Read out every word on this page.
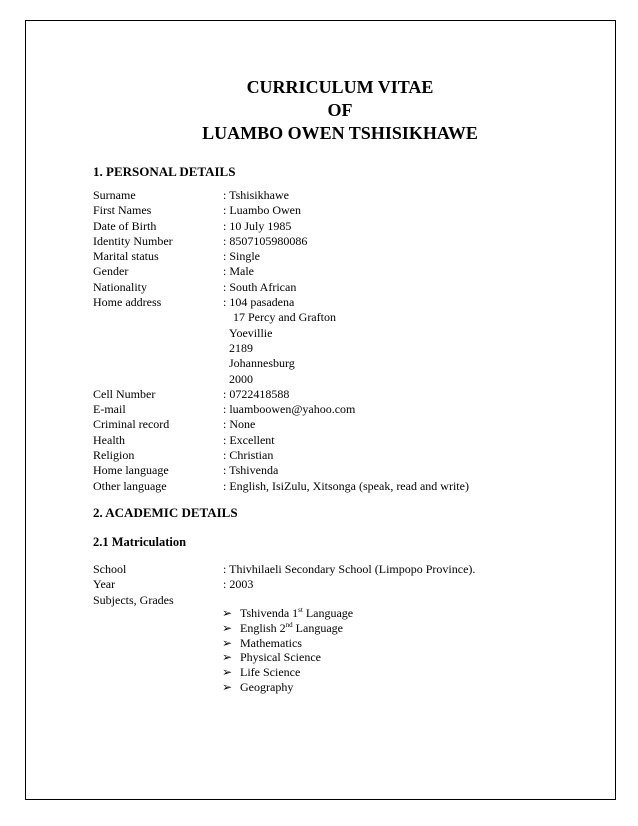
CURRICULUM VITAE
OF
LUAMBO OWEN TSHISIKHAWE
1. PERSONAL DETAILS
Surname	: Tshisikhawe
First Names	: Luambo Owen
Date of Birth	: 10 July 1985
Identity Number	: 8507105980086
Marital status	: Single
Gender	: Male
Nationality	: South African
Home address	: 104 pasadena
17 Percy and Grafton
Yoevillie
2189
Johannesburg
2000
Cell Number	: 0722418588
E-mail	: luamboowen@yahoo.com
Criminal record	: None
Health	: Excellent
Religion	: Christian
Home language	: Tshivenda
Other language	: English, IsiZulu, Xitsonga (speak, read and write)
2. ACADEMIC DETAILS
2.1 Matriculation
School	: Thivhilaeli Secondary School (Limpopo Province).
Year	: 2003
Subjects, Grades
➢ Tshivenda 1st Language
➢ English 2nd Language
➢ Mathematics
➢ Physical Science
➢ Life Science
➢ Geography
